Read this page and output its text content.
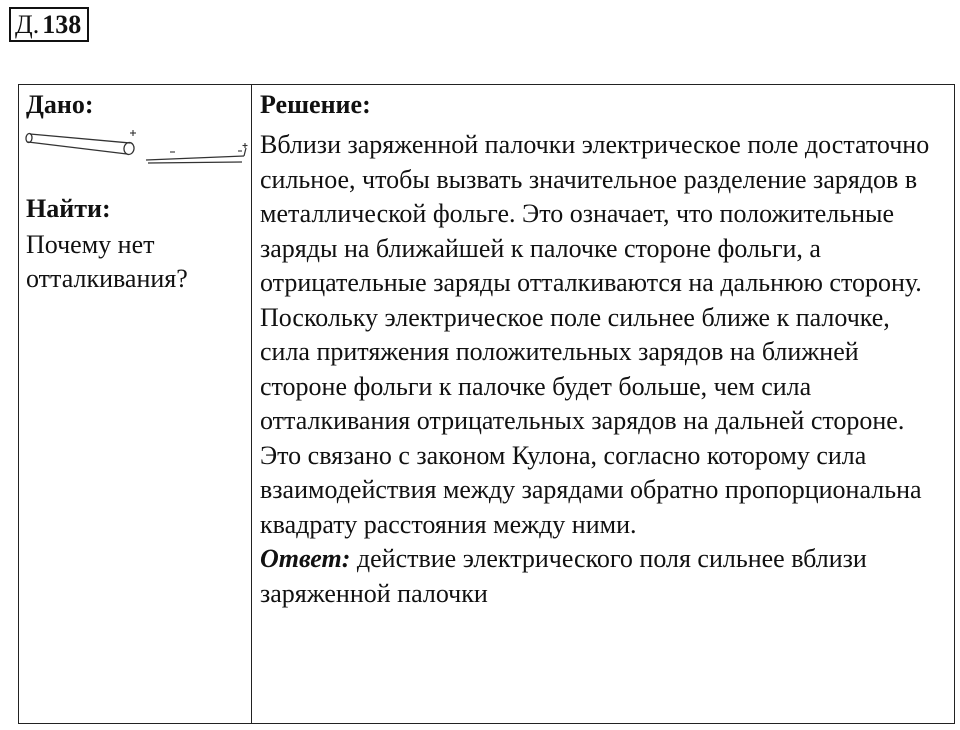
Д. 138
Дано:
Найти:
Почему нет отталкивания?
Решение:
Вблизи заряженной палочки электрическое поле достаточно сильное, чтобы вызвать значительное разделение зарядов в металлической фольге. Это означает, что положительные заряды на ближайшей к палочке стороне фольги, а отрицательные заряды отталкиваются на дальнюю сторону. Поскольку электрическое поле сильнее ближе к палочке, сила притяжения положительных зарядов на ближней стороне фольги к палочке будет больше, чем сила отталкивания отрицательных зарядов на дальней стороне. Это связано с законом Кулона, согласно которому сила взаимодействия между зарядами обратно пропорциональна квадрату расстояния между ними.
Ответ: действие электрического поля сильнее вблизи заряженной палочки
